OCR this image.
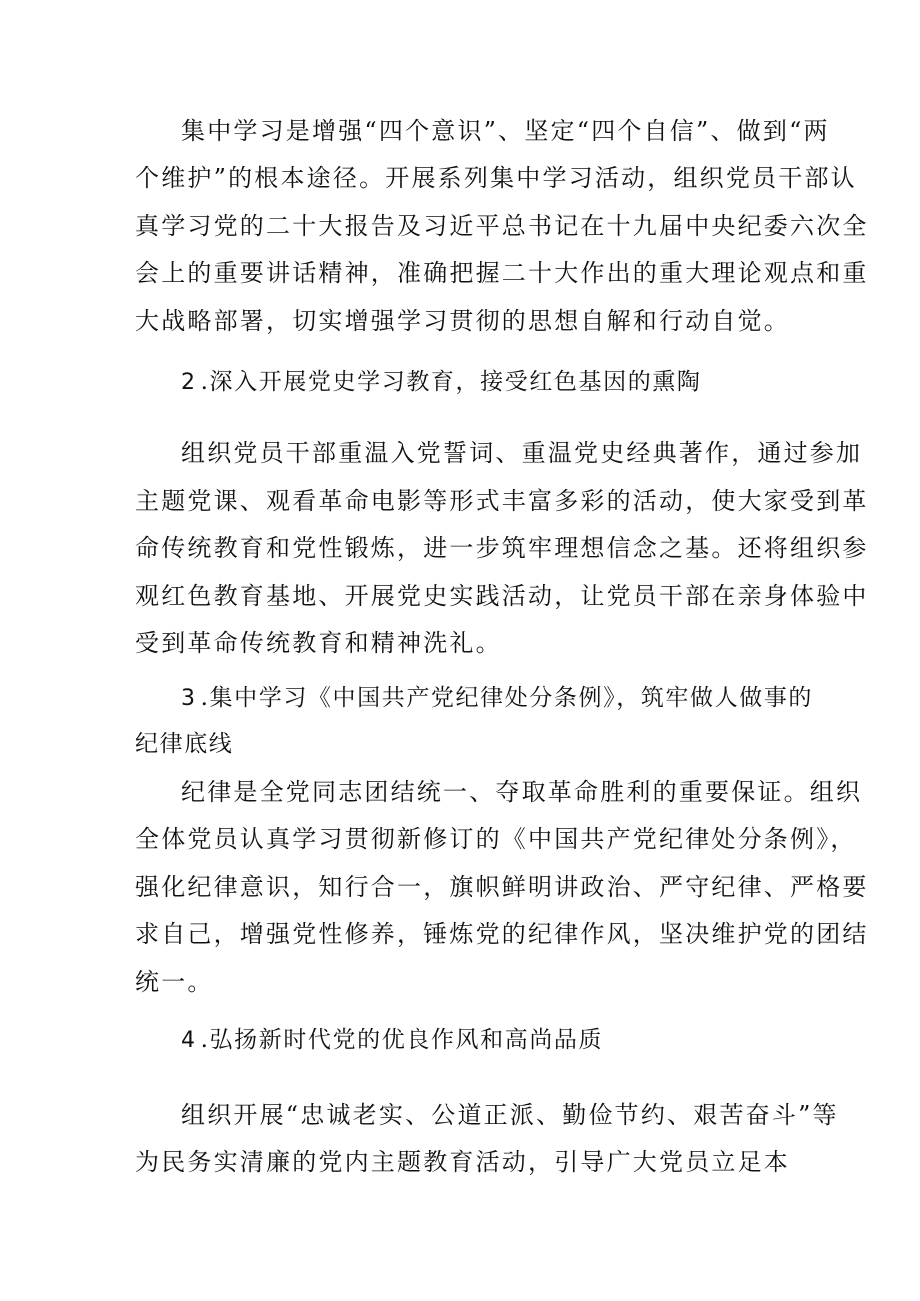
集中学习是增强“四个意识”、坚定“四个自信”、做到“两
个维护”的根本途径。开展系列集中学习活动，组织党员干部认
真学习党的二十大报告及习近平总书记在十九届中央纪委六次全
会上的重要讲话精神，准确把握二十大作出的重大理论观点和重
大战略部署，切实增强学习贯彻的思想自解和行动自觉。
2 .深入开展党史学习教育，接受红色基因的熏陶
组织党员干部重温入党誓词、重温党史经典著作，通过参加
主题党课、观看革命电影等形式丰富多彩的活动，使大家受到革
命传统教育和党性锻炼，进一步筑牢理想信念之基。还将组织参
观红色教育基地、开展党史实践活动，让党员干部在亲身体验中
受到革命传统教育和精神洗礼。
3 .集中学习《中国共产党纪律处分条例》，筑牢做人做事的
纪律底线
纪律是全党同志团结统一、夺取革命胜利的重要保证。组织
全体党员认真学习贯彻新修订的《中国共产党纪律处分条例》，
强化纪律意识，知行合一，旗帜鲜明讲政治、严守纪律、严格要
求自己，增强党性修养，锤炼党的纪律作风，坚决维护党的团结
统一。
4 .弘扬新时代党的优良作风和高尚品质
组织开展“忠诚老实、公道正派、勤俭节约、艰苦奋斗”等
为民务实清廉的党内主题教育活动，引导广大党员立足本
